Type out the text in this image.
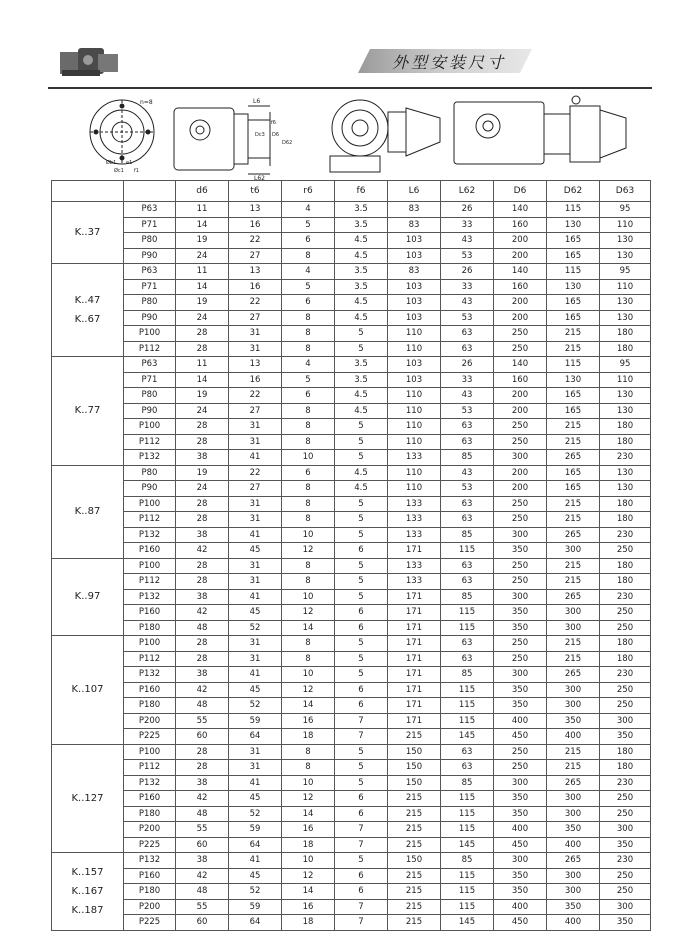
外型安装尺寸
n=8
Øb1
Øc1
e1
f1
L6
f6
Dc3 D6
D62
L62
		d6	t6	r6	f6	L6	L62	D6	D62	D63
K..37	P63	11	13	4	3.5	83	26	140	115	95
	P71	14	16	5	3.5	83	33	160	130	110
	P80	19	22	6	4.5	103	43	200	165	130
	P90	24	27	8	4.5	103	53	200	165	130
K..47
K..67	P63	11	13	4	3.5	83	26	140	115	95
	P71	14	16	5	3.5	103	33	160	130	110
	P80	19	22	6	4.5	103	43	200	165	130
	P90	24	27	8	4.5	103	53	200	165	130
	P100	28	31	8	5	110	63	250	215	180
	P112	28	31	8	5	110	63	250	215	180
K..77	P63	11	13	4	3.5	103	26	140	115	95
	P71	14	16	5	3.5	103	33	160	130	110
	P80	19	22	6	4.5	110	43	200	165	130
	P90	24	27	8	4.5	110	53	200	165	130
	P100	28	31	8	5	110	63	250	215	180
	P112	28	31	8	5	110	63	250	215	180
	P132	38	41	10	5	133	85	300	265	230
K..87	P80	19	22	6	4.5	110	43	200	165	130
	P90	24	27	8	4.5	110	53	200	165	130
	P100	28	31	8	5	133	63	250	215	180
	P112	28	31	8	5	133	63	250	215	180
	P132	38	41	10	5	133	85	300	265	230
	P160	42	45	12	6	171	115	350	300	250
K..97	P100	28	31	8	5	133	63	250	215	180
	P112	28	31	8	5	133	63	250	215	180
	P132	38	41	10	5	171	85	300	265	230
	P160	42	45	12	6	171	115	350	300	250
	P180	48	52	14	6	171	115	350	300	250
K..107	P100	28	31	8	5	171	63	250	215	180
	P112	28	31	8	5	171	63	250	215	180
	P132	38	41	10	5	171	85	300	265	230
	P160	42	45	12	6	171	115	350	300	250
	P180	48	52	14	6	171	115	350	300	250
	P200	55	59	16	7	171	115	400	350	300
	P225	60	64	18	7	215	145	450	400	350
K..127	P100	28	31	8	5	150	63	250	215	180
	P112	28	31	8	5	150	63	250	215	180
	P132	38	41	10	5	150	85	300	265	230
	P160	42	45	12	6	215	115	350	300	250
	P180	48	52	14	6	215	115	350	300	250
	P200	55	59	16	7	215	115	400	350	300
	P225	60	64	18	7	215	145	450	400	350
K..157
K..167
K..187	P132	38	41	10	5	150	85	300	265	230
	P160	42	45	12	6	215	115	350	300	250
	P180	48	52	14	6	215	115	350	300	250
	P200	55	59	16	7	215	115	400	350	300
	P225	60	64	18	7	215	145	450	400	350
